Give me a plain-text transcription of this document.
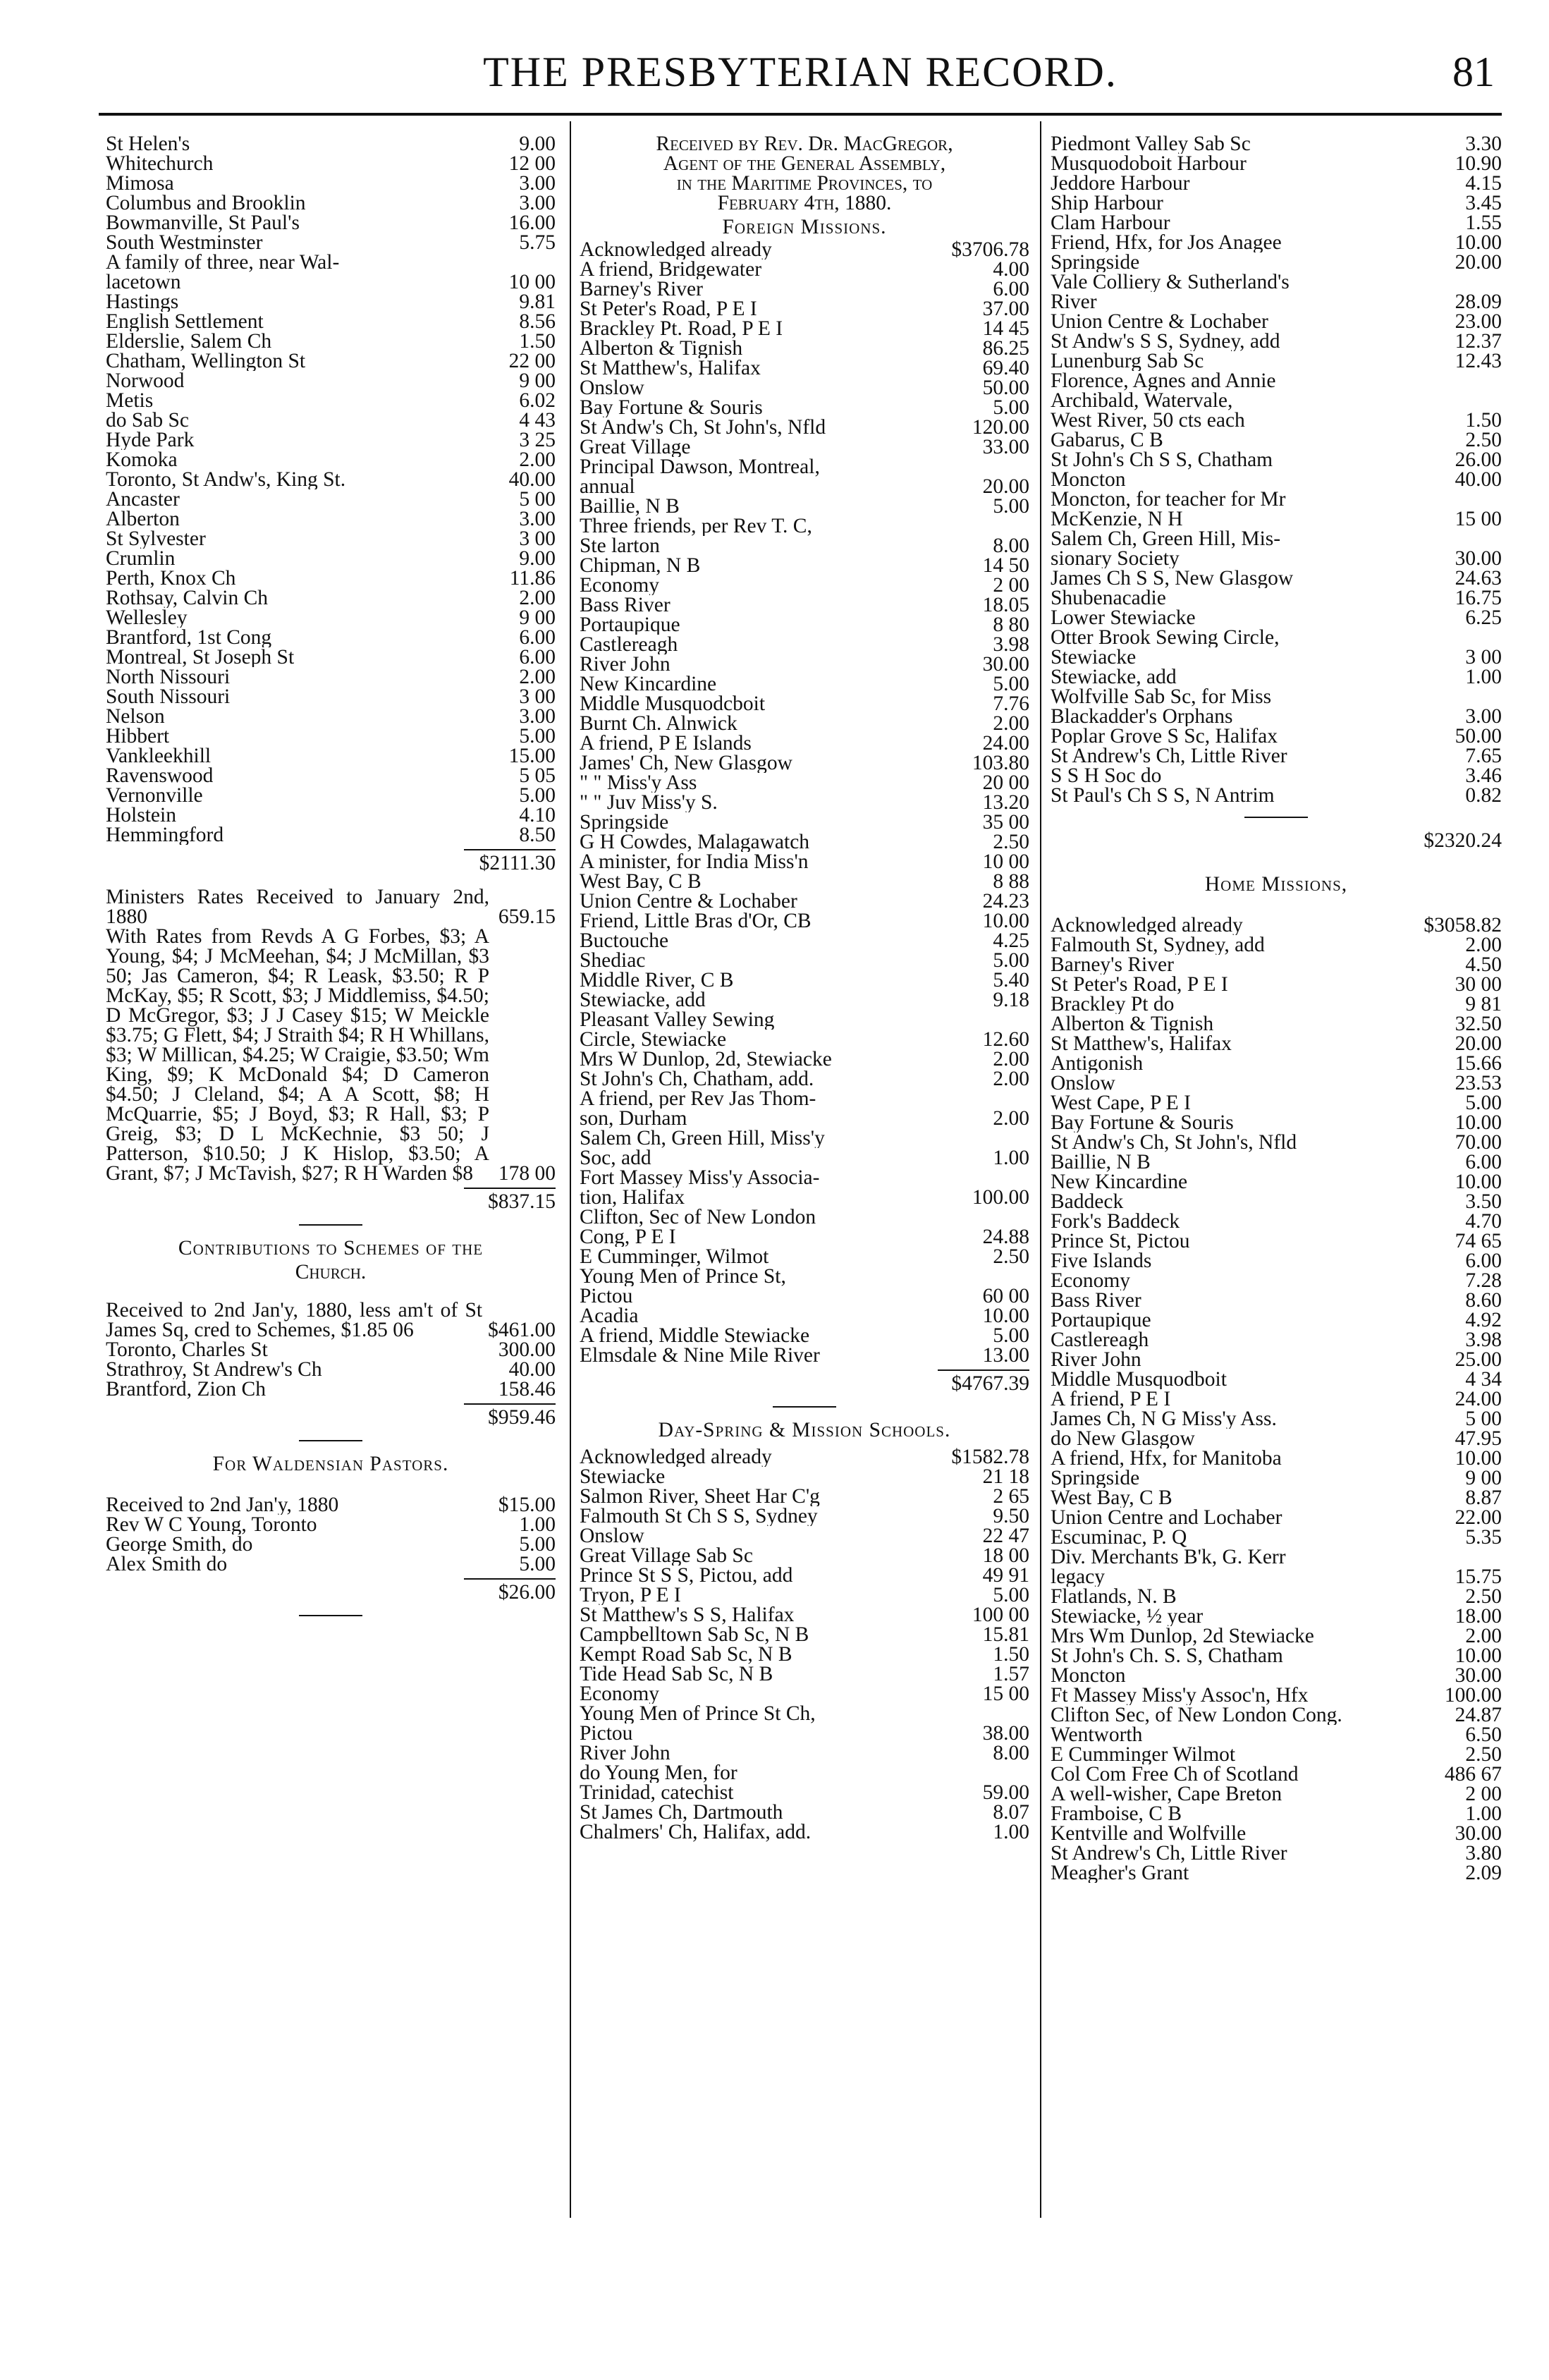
THE PRESBYTERIAN RECORD.	81
St Helen's	9.00
Whitechurch	12 00
Mimosa	3.00
Columbus and Brooklin	3.00
Bowmanville, St Paul's	16.00
South Westminster	5.75
A family of three, near Wal-
lacetown	10 00
Hastings	9.81
English Settlement	8.56
Elderslie, Salem Ch	1.50
Chatham, Wellington St	22 00
Norwood	9 00
Metis	6.02
do Sab Sc	4 43
Hyde Park	3 25
Komoka	2.00
Toronto, St Andw's, King St.	40.00
Ancaster	5 00
Alberton	3.00
St Sylvester	3 00
Crumlin	9.00
Perth, Knox Ch	11.86
Rothsay, Calvin Ch	2.00
Wellesley	9 00
Brantford, 1st Cong	6.00
Montreal, St Joseph St	6.00
North Nissouri	2.00
South Nissouri	3 00
Nelson	3.00
Hibbert	5.00
Vankleekhill	15.00
Ravenswood	5 05
Vernonville	5.00
Holstein	4.10
Hemmingford	8.50
$2111.30
Ministers Rates Received to January 2nd, 1880	659.15
With Rates from Revds A G Forbes, $3; A Young, $4; J McMeehan, $4; J McMillan, $3 50; Jas Cameron, $4; R Leask, $3.50; R P McKay, $5; R Scott, $3; J Middlemiss, $4.50; D McGregor, $3; J J Casey $15; W Meickle $3.75; G Flett, $4; J Straith $4; R H Whillans, $3; W Millican, $4.25; W Craigie, $3.50; Wm King, $9; K McDonald $4; D Cameron $4.50; J Cleland, $4; A A Scott, $8; H McQuarrie, $5; J Boyd, $3; R Hall, $3; P Greig, $3; D L McKechnie, $3 50; J Patterson, $10.50; J K Hislop, $3.50; A Grant, $7; J McTavish, $27; R H Warden $8	178 00
$837.15
Contributions to Schemes of the
Church.
Received to 2nd Jan'y, 1880, less am't of St James Sq, cred to Schemes, $1.85 06	$461.00
Toronto, Charles St	300.00
Strathroy, St Andrew's Ch	40.00
Brantford, Zion Ch	158.46
$959.46
For Waldensian Pastors.
Received to 2nd Jan'y, 1880	$15.00
Rev W C Young, Toronto	1.00
George Smith, do	5.00
Alex Smith do	5.00
$26.00
Received by Rev. Dr. MacGregor,
Agent of the General Assembly,
in the Maritime Provinces, to
February 4th, 1880.
Foreign Missions.
Acknowledged already	$3706.78
A friend, Bridgewater	4.00
Barney's River	6.00
St Peter's Road, P E I	37.00
Brackley Pt. Road, P E I	14 45
Alberton & Tignish	86.25
St Matthew's, Halifax	69.40
Onslow	50.00
Bay Fortune & Souris	5.00
St Andw's Ch, St John's, Nfld	120.00
Great Village	33.00
Principal Dawson, Montreal,
annual	20.00
Baillie, N B	5.00
Three friends, per Rev T. C,
Ste larton	8.00
Chipman, N B	14 50
Economy	2 00
Bass River	18.05
Portaupique	8 80
Castlereagh	3.98
River John	30.00
New Kincardine	5.00
Middle Musquodcboit	7.76
Burnt Ch. Alnwick	2.00
A friend, P E Islands	24.00
James' Ch, New Glasgow	103.80
" " Miss'y Ass	20 00
" " Juv Miss'y S.	13.20
Springside	35 00
G H Cowdes, Malagawatch	2.50
A minister, for India Miss'n	10 00
West Bay, C B	8 88
Union Centre & Lochaber	24.23
Friend, Little Bras d'Or, CB	10.00
Buctouche	4.25
Shediac	5.00
Middle River, C B	5.40
Stewiacke, add	9.18
Pleasant Valley Sewing
Circle, Stewiacke	12.60
Mrs W Dunlop, 2d, Stewiacke	2.00
St John's Ch, Chatham, add.	2.00
A friend, per Rev Jas Thom-
son, Durham	2.00
Salem Ch, Green Hill, Miss'y
Soc, add	1.00
Fort Massey Miss'y Associa-
tion, Halifax	100.00
Clifton, Sec of New London
Cong, P E I	24.88
E Cumminger, Wilmot	2.50
Young Men of Prince St,
Pictou	60 00
Acadia	10.00
A friend, Middle Stewiacke	5.00
Elmsdale & Nine Mile River	13.00
$4767.39
Day-Spring & Mission Schools.
Acknowledged already	$1582.78
Stewiacke	21 18
Salmon River, Sheet Har C'g	2 65
Falmouth St Ch S S, Sydney	9.50
Onslow	22 47
Great Village Sab Sc	18 00
Prince St S S, Pictou, add	49 91
Tryon, P E I	5.00
St Matthew's S S, Halifax	100 00
Campbelltown Sab Sc, N B	15.81
Kempt Road Sab Sc, N B	1.50
Tide Head Sab Sc, N B	1.57
Economy	15 00
Young Men of Prince St Ch,
Pictou	38.00
River John	8.00
do Young Men, for
Trinidad, catechist	59.00
St James Ch, Dartmouth	8.07
Chalmers' Ch, Halifax, add.	1.00
Piedmont Valley Sab Sc	3.30
Musquodoboit Harbour	10.90
Jeddore Harbour	4.15
Ship Harbour	3.45
Clam Harbour	1.55
Friend, Hfx, for Jos Anagee	10.00
Springside	20.00
Vale Colliery & Sutherland's
River	28.09
Union Centre & Lochaber	23.00
St Andw's S S, Sydney, add	12.37
Lunenburg Sab Sc	12.43
Florence, Agnes and Annie
Archibald, Watervale,
West River, 50 cts each	1.50
Gabarus, C B	2.50
St John's Ch S S, Chatham	26.00
Moncton	40.00
Moncton, for teacher for Mr
McKenzie, N H	15 00
Salem Ch, Green Hill, Mis-
sionary Society	30.00
James Ch S S, New Glasgow	24.63
Shubenacadie	16.75
Lower Stewiacke	6.25
Otter Brook Sewing Circle,
Stewiacke	3 00
Stewiacke, add	1.00
Wolfville Sab Sc, for Miss
Blackadder's Orphans	3.00
Poplar Grove S Sc, Halifax	50.00
St Andrew's Ch, Little River	7.65
S S H Soc do	3.46
St Paul's Ch S S, N Antrim	0.82
$2320.24
Home Missions,
Acknowledged already	$3058.82
Falmouth St, Sydney, add	2.00
Barney's River	4.50
St Peter's Road, P E I	30 00
Brackley Pt do	9 81
Alberton & Tignish	32.50
St Matthew's, Halifax	20.00
Antigonish	15.66
Onslow	23.53
West Cape, P E I	5.00
Bay Fortune & Souris	10.00
St Andw's Ch, St John's, Nfld	70.00
Baillie, N B	6.00
New Kincardine	10.00
Baddeck	3.50
Fork's Baddeck	4.70
Prince St, Pictou	74 65
Five Islands	6.00
Economy	7.28
Bass River	8.60
Portaupique	4.92
Castlereagh	3.98
River John	25.00
Middle Musquodboit	4 34
A friend, P E I	24.00
James Ch, N G Miss'y Ass.	5 00
do New Glasgow	47.95
A friend, Hfx, for Manitoba	10.00
Springside	9 00
West Bay, C B	8.87
Union Centre and Lochaber	22.00
Escuminac, P. Q	5.35
Div. Merchants B'k, G. Kerr
legacy	15.75
Flatlands, N. B	2.50
Stewiacke, ½ year	18.00
Mrs Wm Dunlop, 2d Stewiacke	2.00
St John's Ch. S. S, Chatham	10.00
Moncton	30.00
Ft Massey Miss'y Assoc'n, Hfx	100.00
Clifton Sec, of New London Cong.	24.87
Wentworth	6.50
E Cumminger Wilmot	2.50
Col Com Free Ch of Scotland	486 67
A well-wisher, Cape Breton	2 00
Framboise, C B	1.00
Kentville and Wolfville	30.00
St Andrew's Ch, Little River	3.80
Meagher's Grant	2.09
